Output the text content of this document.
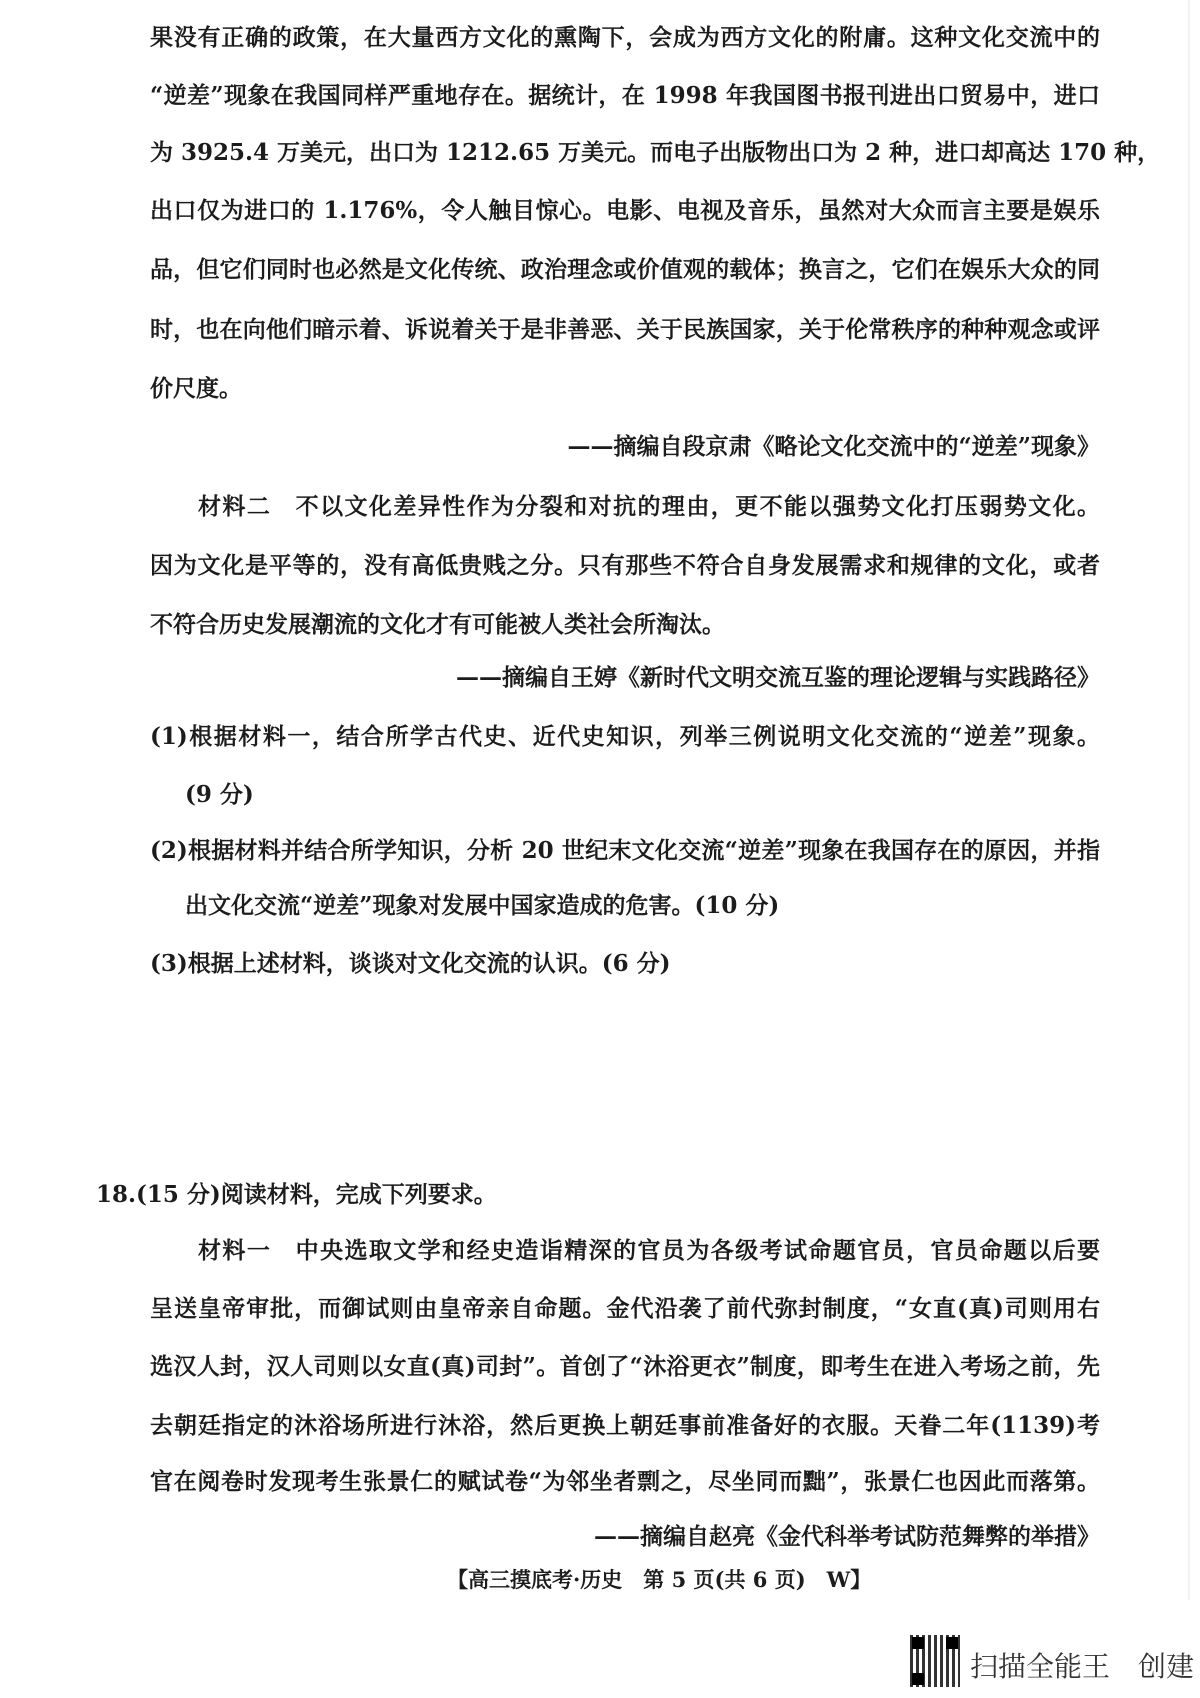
果没有正确的政策，在大量西方文化的熏陶下，会成为西方文化的附庸。这种文化交流中的
“逆差”现象在我国同样严重地存在。据统计，在 1998 年我国图书报刊进出口贸易中，进口
为 3925.4 万美元，出口为 1212.65 万美元。而电子出版物出口为 2 种，进口却高达 170 种，
出口仅为进口的 1.176%，令人触目惊心。电影、电视及音乐，虽然对大众而言主要是娱乐
品，但它们同时也必然是文化传统、政治理念或价值观的载体；换言之，它们在娱乐大众的同
时，也在向他们暗示着、诉说着关于是非善恶、关于民族国家，关于伦常秩序的种种观念或评
价尺度。
——摘编自段京肃《略论文化交流中的“逆差”现象》
材料二　不以文化差异性作为分裂和对抗的理由，更不能以强势文化打压弱势文化。
因为文化是平等的，没有高低贵贱之分。只有那些不符合自身发展需求和规律的文化，或者
不符合历史发展潮流的文化才有可能被人类社会所淘汰。
——摘编自王婷《新时代文明交流互鉴的理论逻辑与实践路径》
(1)根据材料一，结合所学古代史、近代史知识，列举三例说明文化交流的“逆差”现象。
(9 分)
(2)根据材料并结合所学知识，分析 20 世纪末文化交流“逆差”现象在我国存在的原因，并指
出文化交流“逆差”现象对发展中国家造成的危害。(10 分)
(3)根据上述材料，谈谈对文化交流的认识。(6 分)
18.(15 分)阅读材料，完成下列要求。
材料一　中央选取文学和经史造诣精深的官员为各级考试命题官员，官员命题以后要
呈送皇帝审批，而御试则由皇帝亲自命题。金代沿袭了前代弥封制度，“女直(真)司则用右
选汉人封，汉人司则以女直(真)司封”。首创了“沐浴更衣”制度，即考生在进入考场之前，先
去朝廷指定的沐浴场所进行沐浴，然后更换上朝廷事前准备好的衣服。天眷二年(1139)考
官在阅卷时发现考生张景仁的赋试卷“为邻坐者剽之，尽坐同而黜”，张景仁也因此而落第。
——摘编自赵亮《金代科举考试防范舞弊的举措》
【高三摸底考·历史　第 5 页(共 6 页)　W】
扫描全能王　创建
